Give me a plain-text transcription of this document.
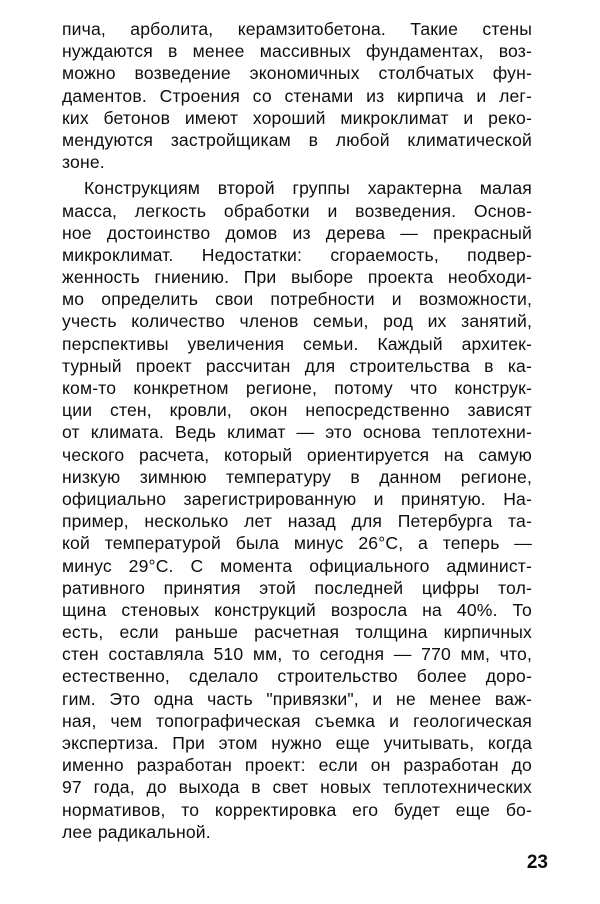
пича, арболита, керамзитобетона. Такие стены
нуждаются в менее массивных фундаментах, воз-
можно возведение экономичных столбчатых фун-
даментов. Строения со стенами из кирпича и лег-
ких бетонов имеют хороший микроклимат и реко-
мендуются застройщикам в любой климатической
зоне.
Конструкциям второй группы характерна малая
масса, легкость обработки и возведения. Основ-
ное достоинство домов из дерева — прекрасный
микроклимат. Недостатки: сгораемость, подвер-
женность гниению. При выборе проекта необходи-
мо определить свои потребности и возможности,
учесть количество членов семьи, род их занятий,
перспективы увеличения семьи. Каждый архитек-
турный проект рассчитан для строительства в ка-
ком-то конкретном регионе, потому что конструк-
ции стен, кровли, окон непосредственно зависят
от климата. Ведь климат — это основа теплотехни-
ческого расчета, который ориентируется на самую
низкую зимнюю температуру в данном регионе,
официально зарегистрированную и принятую. На-
пример, несколько лет назад для Петербурга та-
кой температурой была минус 26°С, а теперь —
минус 29°С. С момента официального админист-
ративного принятия этой последней цифры тол-
щина стеновых конструкций возросла на 40%. То
есть, если раньше расчетная толщина кирпичных
стен составляла 510 мм, то сегодня — 770 мм, что,
естественно, сделало строительство более доро-
гим. Это одна часть "привязки", и не менее важ-
ная, чем топографическая съемка и геологическая
экспертиза. При этом нужно еще учитывать, когда
именно разработан проект: если он разработан до
97 года, до выхода в свет новых теплотехнических
нормативов, то корректировка его будет еще бо-
лее радикальной.
23
